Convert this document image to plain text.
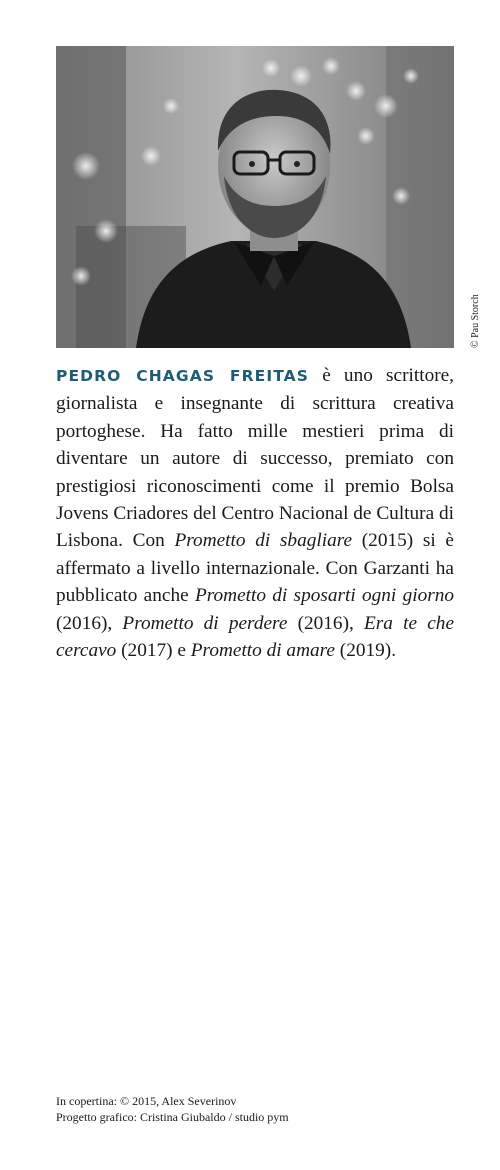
© Pau Storch

PEDRO CHAGAS FREITAS è uno scrittore, giornalista e insegnante di scrittura creativa portoghese. Ha fatto mille mestieri prima di diventare un autore di successo, premiato con prestigiosi riconoscimenti come il premio Bolsa Jovens Criadores del Centro Nacional de Cultura di Lisbona. Con Prometto di sbagliare (2015) si è affermato a livello internazionale. Con Garzanti ha pubblicato anche Prometto di sposarti ogni giorno (2016), Prometto di perdere (2016), Era te che cercavo (2017) e Prometto di amare (2019).

In copertina: © 2015, Alex Severinov
Progetto grafico: Cristina Giubaldo / studio pym
